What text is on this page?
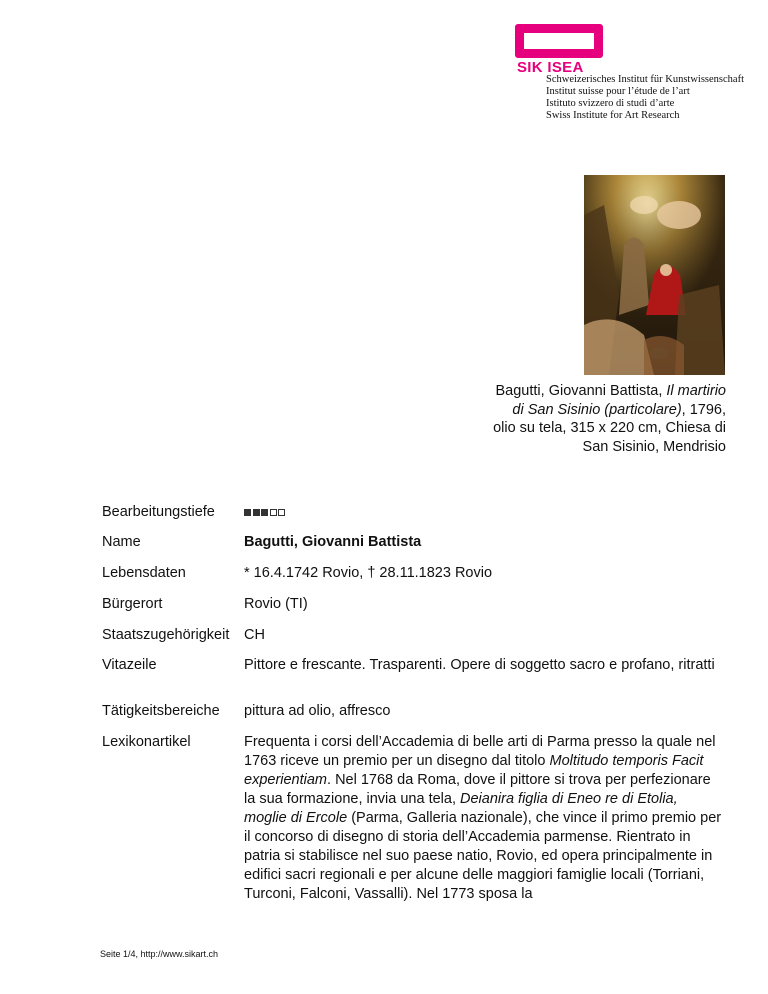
SIK ISEA
Schweizerisches Institut für Kunstwissenschaft
Institut suisse pour l’étude de l’art
Istituto svizzero di studi d’arte
Swiss Institute for Art Research
Bagutti, Giovanni Battista, Il martirio
di San Sisinio (particolare), 1796,
olio su tela, 315 x 220 cm, Chiesa di
San Sisinio, Mendrisio
Bearbeitungstiefe
Name	Bagutti, Giovanni Battista
Lebensdaten	* 16.4.1742 Rovio, † 28.11.1823 Rovio
Bürgerort	Rovio (TI)
Staatszugehörigkeit CH
Vitazeile	Pittore e frescante. Trasparenti. Opere di soggetto sacro e profano, ritratti
Tätigkeitsbereiche pittura ad olio, affresco
Lexikonartikel	Frequenta i corsi dell’Accademia di belle arti di Parma presso la quale nel 1763 riceve un premio per un disegno dal titolo Moltitudo temporis Facit experientiam. Nel 1768 da Roma, dove il pittore si trova per perfezionare la sua formazione, invia una tela, Deianira figlia di Eneo re di Etolia, moglie di Ercole (Parma, Galleria nazionale), che vince il primo premio per il concorso di disegno di storia dell’Accademia parmense. Rientrato in patria si stabilisce nel suo paese natio, Rovio, ed opera principalmente in edifici sacri regionali e per alcune delle maggiori famiglie locali (Torriani, Turconi, Falconi, Vassalli). Nel 1773 sposa la
Seite 1/4, http://www.sikart.ch
